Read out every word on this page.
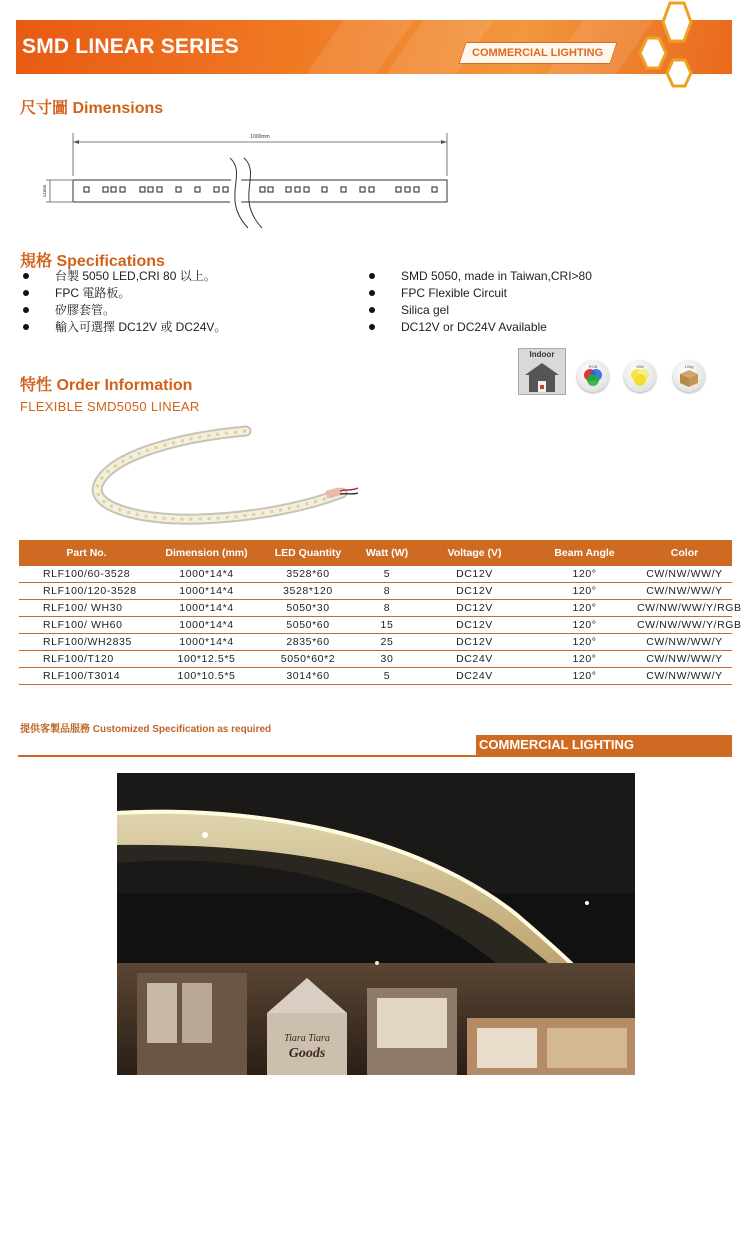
SMD LINEAR SERIES	COMMERCIAL LIGHTING
尺寸圖 Dimensions
1000mm
14mm
規格 Specifications
台製 5050 LED,CRI 80 以上。
FPC 電路板。
矽膠套管。
輸入可選擇 DC12V 或 DC24V。
SMD 5050, made in Taiwan,CRI>80
FPC Flexible Circuit
Silica gel
DC12V or DC24V Available
特性 Order Information
FLEXIBLE SMD5050 LINEAR
Indoor
RGB	WW	100g
Part No.	Dimension (mm)	LED Quantity	Watt (W)	Voltage (V)	Beam Angle	Color
RLF100/60-3528	1000*14*4	3528*60	5	DC12V	120°	CW/NW/WW/Y
RLF100/120-3528	1000*14*4	3528*120	8	DC12V	120°	CW/NW/WW/Y
RLF100/ WH30	1000*14*4	5050*30	8	DC12V	120°	CW/NW/WW/Y/RGB
RLF100/ WH60	1000*14*4	5050*60	15	DC12V	120°	CW/NW/WW/Y/RGB
RLF100/WH2835	1000*14*4	2835*60	25	DC12V	120°	CW/NW/WW/Y
RLF100/T120	100*12.5*5	5050*60*2	30	DC24V	120°	CW/NW/WW/Y
RLF100/T3014	100*10.5*5	3014*60	5	DC24V	120°	CW/NW/WW/Y
提供客製品服務 Customized Specification as required
COMMERCIAL LIGHTING
Tiara Tiara
Goods
